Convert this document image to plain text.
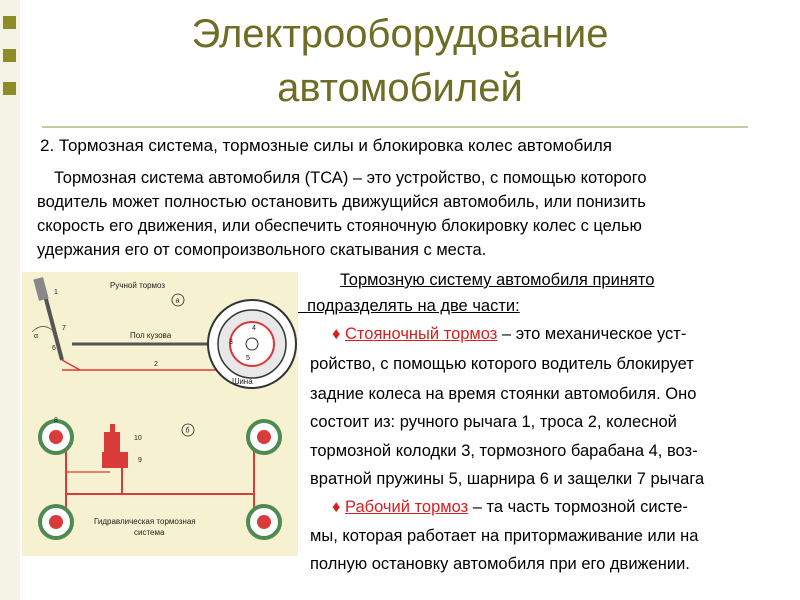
Электрооборудование
автомобилей
2. Тормозная система, тормозные силы и блокировка колес автомобиля
Тормозная система автомобиля (ТСА) – это устройство, с помощью которого
водитель может полностью остановить движущийся автомобиль, или понизить
скорость его движения, или обеспечить стояночную блокировку колес с целью
удержания его от сомопроизвольного скатывания с места.
Тормозную систему автомобиля принято
подразделять на две части:
♦ Стояночный тормоз – это механическое уст-
ройство, с помощью которого водитель блокирует
задние колеса на время стоянки автомобиля. Оно
состоит из: ручного рычага 1, троса 2, колесной
тормозной колодки 3, тормозного барабана 4, воз-
вратной пружины 5, шарнира 6 и защелки 7 рычага
♦ Рабочий тормоз – та часть тормозной систе-
мы, которая работает на притормаживание или на
полную остановку автомобиля при его движении.
Ручной тормоз
а
1
α
7
6
Пол кузова
2
3
4
5
Шина
б
10
9
8
Гидравлическая тормозная
система
